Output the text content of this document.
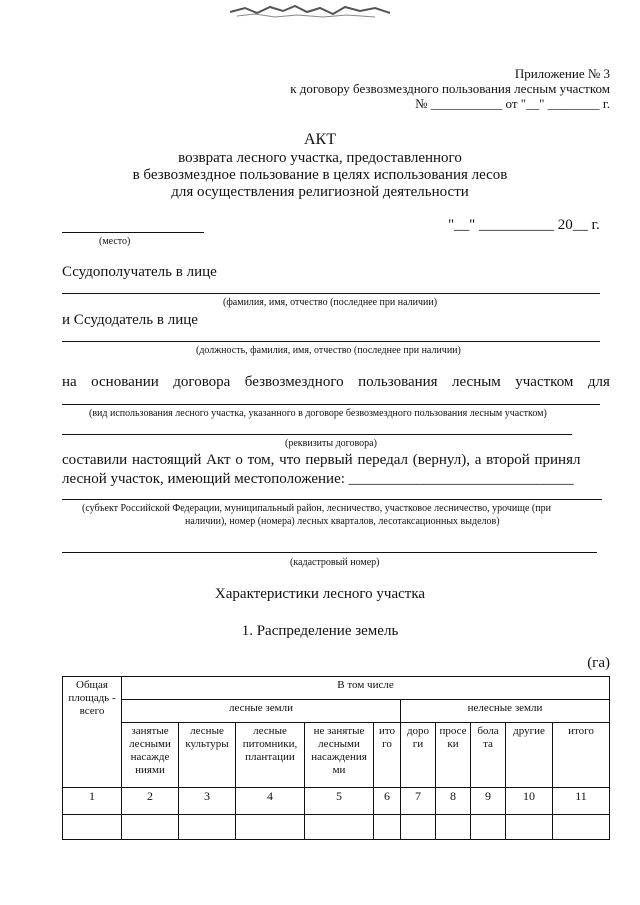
Приложение № 3
к договору безвозмездного пользования лесным участком
№ ___________ от "__" ________ г.
АКТ
возврата лесного участка, предоставленного
в безвозмездное пользование в целях использования лесов
для осуществления религиозной деятельности
(место)
"__" __________ 20__ г.
Ссудополучатель в лице
(фамилия, имя, отчество (последнее при наличии)
и Ссудодатель в лице
(должность, фамилия, имя, отчество (последнее при наличии)
на основании договора безвозмездного пользования лесным участком для
(вид использования лесного участка, указанного в договоре безвозмездного пользования лесным участком)
(реквизиты договора)
составили настоящий Акт о том, что первый передал (вернул), а второй принял
лесной участок, имеющий местоположение: ______________________________
(субъект Российской Федерации, муниципальный район, лесничество, участковое лесничество, урочище (при
наличии), номер (номера) лесных кварталов, лесотаксационных выделов)
(кадастровый номер)
Характеристики лесного участка
1. Распределение земель
(га)
Общая площадь - всего	В том числе									
	лесные земли					нелесные земли				
	занятые лесными насажде ниями	лесные культуры	лесные питомники, плантации	не занятые лесными насаждения ми	ито го	доро ги	просе ки	бола та	другие	итого
1	2	3	4	5	6	7	8	9	10	11
